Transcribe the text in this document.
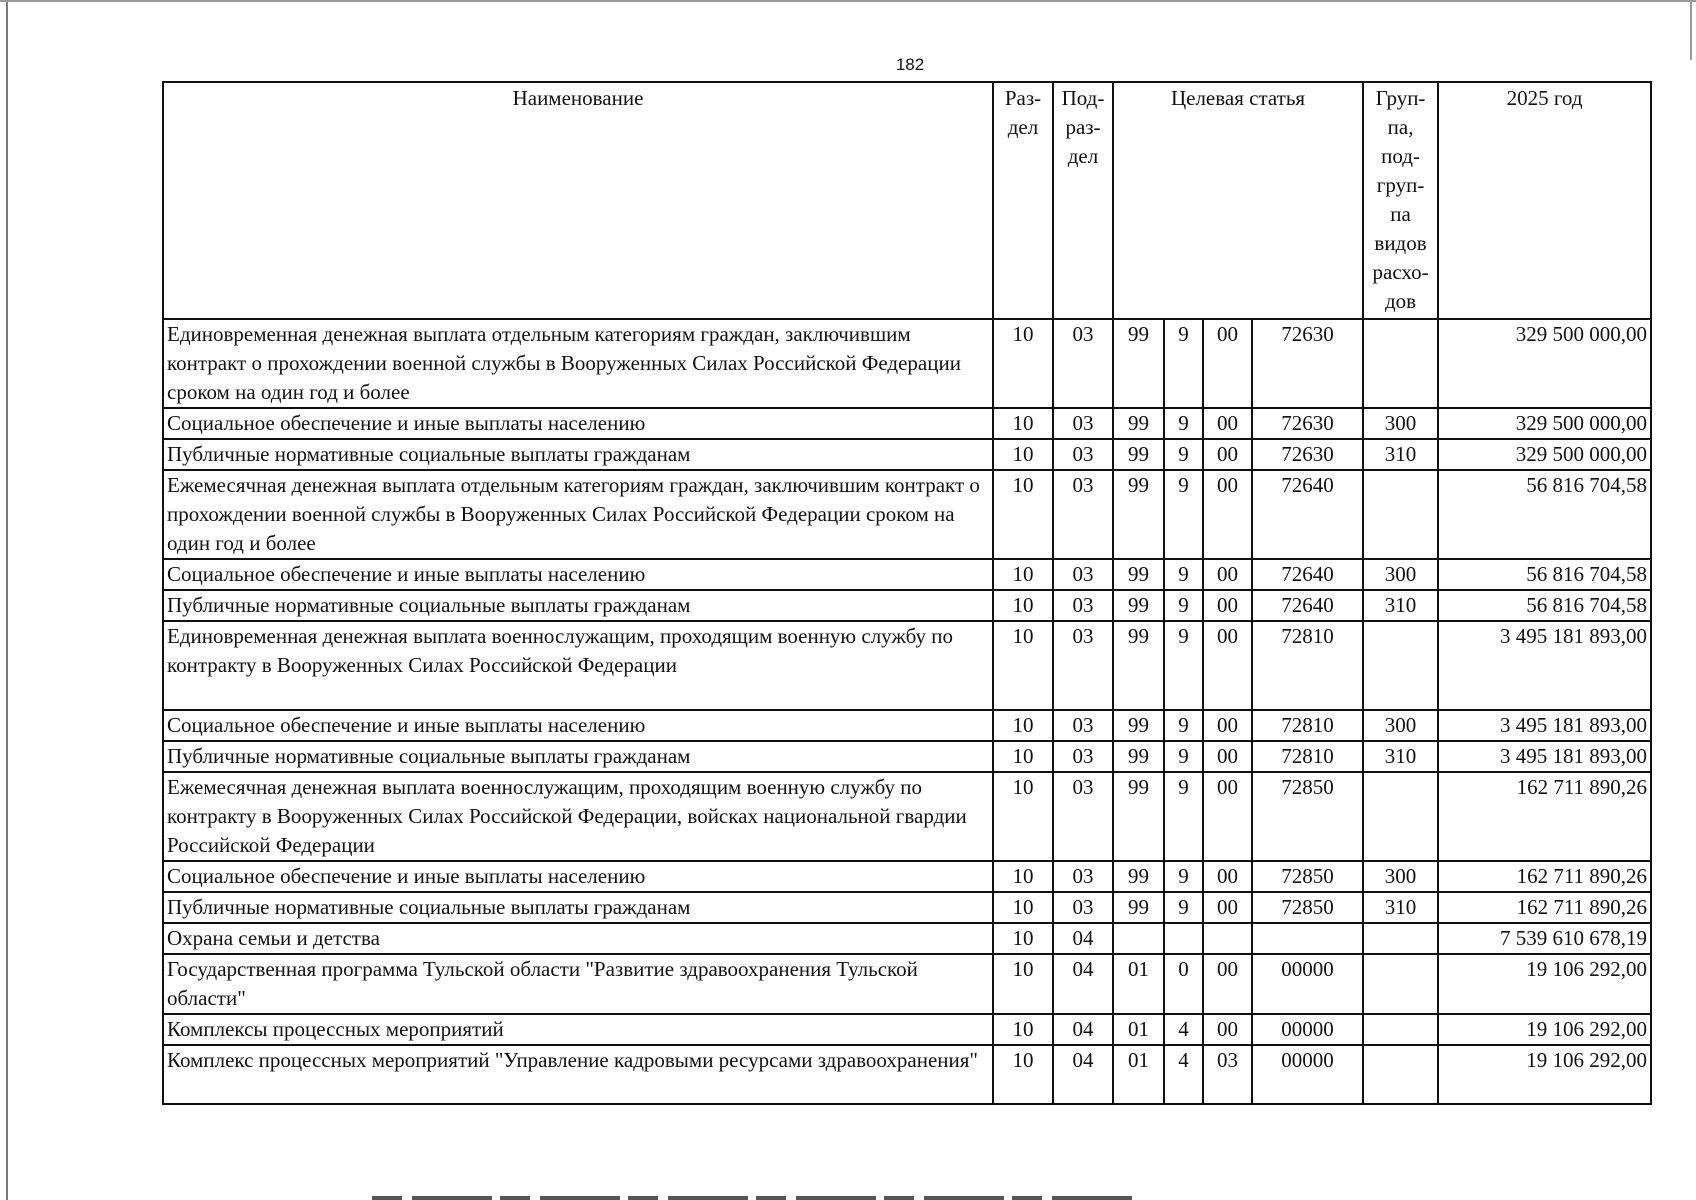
182
Наименование	Раз-дел	Под-раз-дел	Целевая статья				Груп-па, под-груп-па видов расхо-дов	2025 год
Единовременная денежная выплата отдельным категориям граждан, заключившим контракт о прохождении военной службы в Вооруженных Силах Российской Федерации сроком на один год и более	10	03	99	9	00	72630		329 500 000,00
Социальное обеспечение и иные выплаты населению	10	03	99	9	00	72630	300	329 500 000,00
Публичные нормативные социальные выплаты гражданам	10	03	99	9	00	72630	310	329 500 000,00
Ежемесячная денежная выплата отдельным категориям граждан, заключившим контракт о прохождении военной службы в Вооруженных Силах Российской Федерации сроком на один год и более	10	03	99	9	00	72640		56 816 704,58
Социальное обеспечение и иные выплаты населению	10	03	99	9	00	72640	300	56 816 704,58
Публичные нормативные социальные выплаты гражданам	10	03	99	9	00	72640	310	56 816 704,58
Единовременная денежная выплата военнослужащим, проходящим военную службу по контракту в Вооруженных Силах Российской Федерации	10	03	99	9	00	72810		3 495 181 893,00
Социальное обеспечение и иные выплаты населению	10	03	99	9	00	72810	300	3 495 181 893,00
Публичные нормативные социальные выплаты гражданам	10	03	99	9	00	72810	310	3 495 181 893,00
Ежемесячная денежная выплата военнослужащим, проходящим военную службу по контракту в Вооруженных Силах Российской Федерации, войсках национальной гвардии Российской Федерации	10	03	99	9	00	72850		162 711 890,26
Социальное обеспечение и иные выплаты населению	10	03	99	9	00	72850	300	162 711 890,26
Публичные нормативные социальные выплаты гражданам	10	03	99	9	00	72850	310	162 711 890,26
Охрана семьи и детства	10	04						7 539 610 678,19
Государственная программа Тульской области "Развитие здравоохранения Тульской области"	10	04	01	0	00	00000		19 106 292,00
Комплексы процессных мероприятий	10	04	01	4	00	00000		19 106 292,00
Комплекс процессных мероприятий "Управление кадровыми ресурсами здравоохранения"	10	04	01	4	03	00000		19 106 292,00
